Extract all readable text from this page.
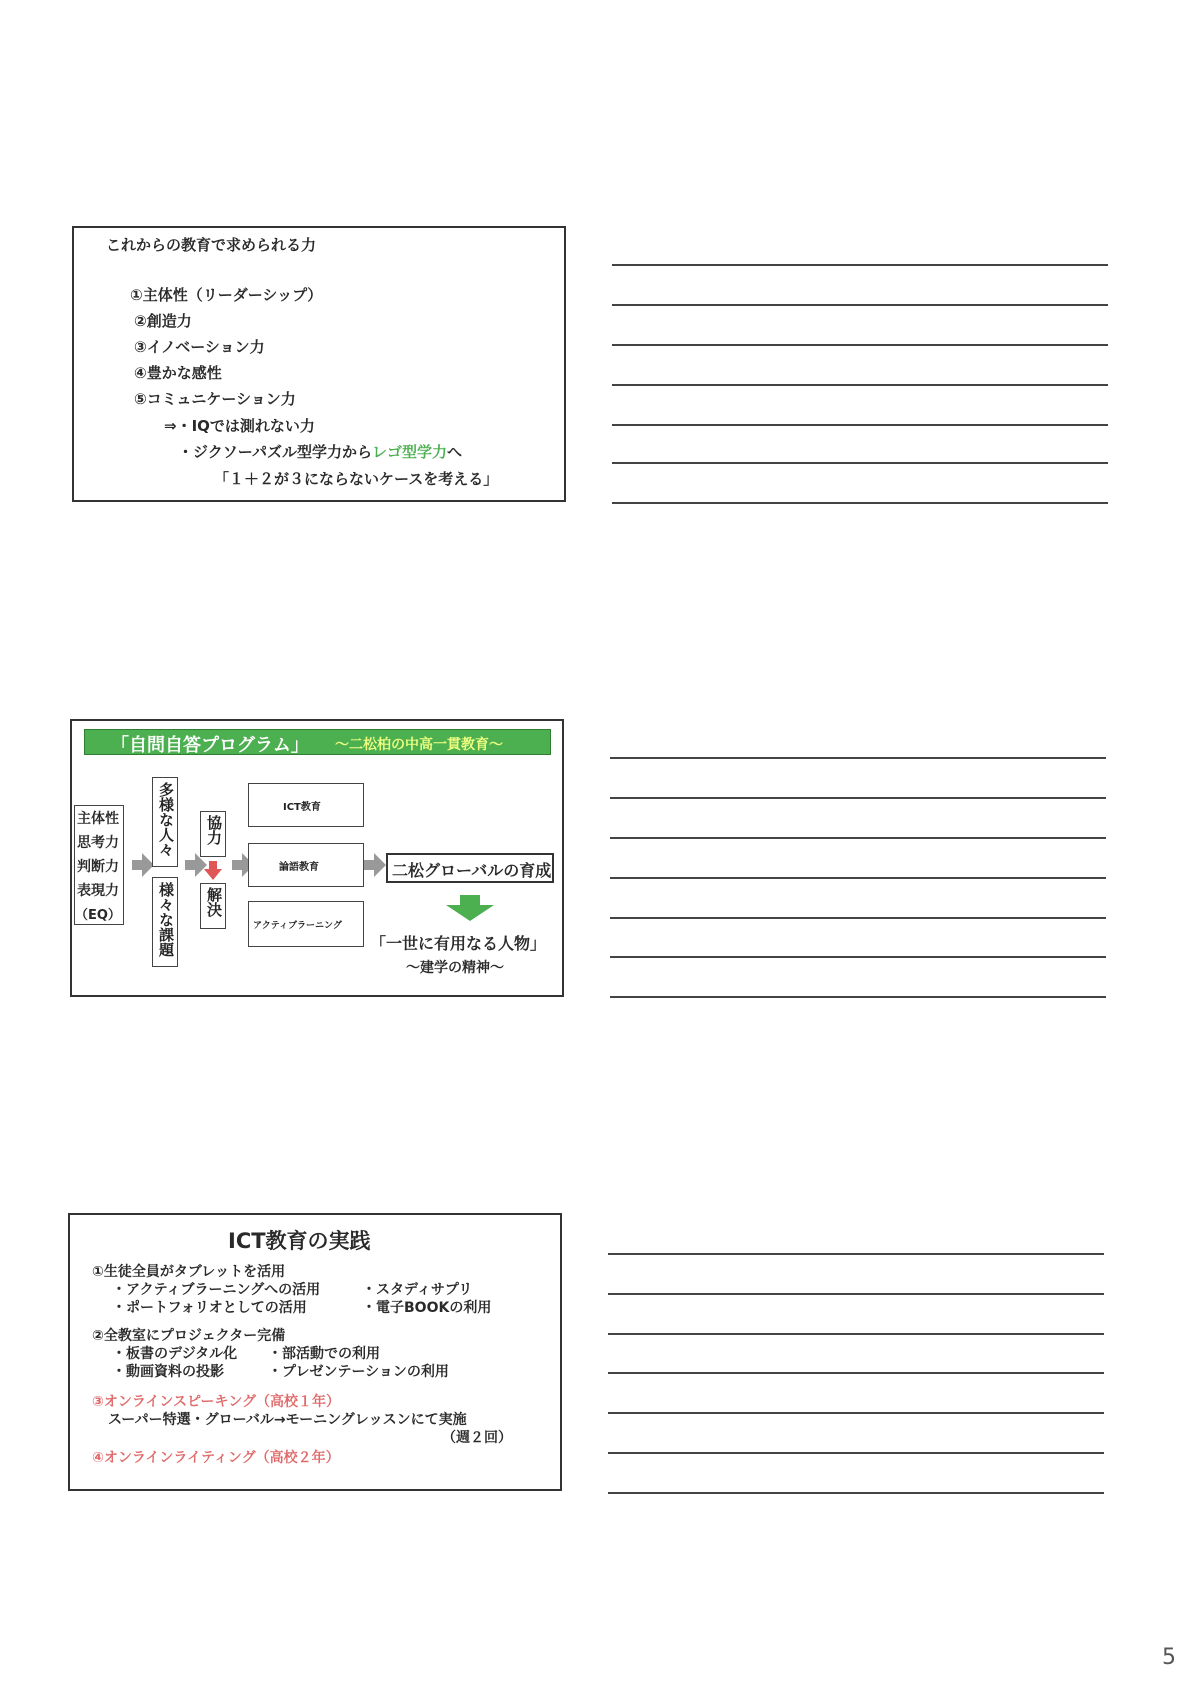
これからの教育で求められる力
①主体性（リーダーシップ）
②創造力
③イノベーション力
④豊かな感性
⑤コミュニケーション力
⇒・IQでは測れない力
・ジクソーパズル型学力からレゴ型学力へ
「１＋２が３にならないケースを考える」
「自問自答プログラム」 ～二松柏の中高一貫教育～
主体性
思考力
判断力
表現力
（EQ）
多様な人々
様々な課題
協力
解決
ICT教育
論語教育
アクティブラーニング
二松グローバルの育成
「一世に有用なる人物」
～建学の精神～
ICT教育の実践
①生徒全員がタブレットを活用
・アクティブラーニングへの活用	・スタディサプリ
・ポートフォリオとしての活用	・電子BOOKの利用
②全教室にプロジェクター完備
・板書のデジタル化 ・部活動での利用
・動画資料の投影	・プレゼンテーションの利用
③オンラインスピーキング（高校１年）
スーパー特選・グローバル→モーニングレッスンにて実施
（週２回）
④オンラインライティング（高校２年）
5
